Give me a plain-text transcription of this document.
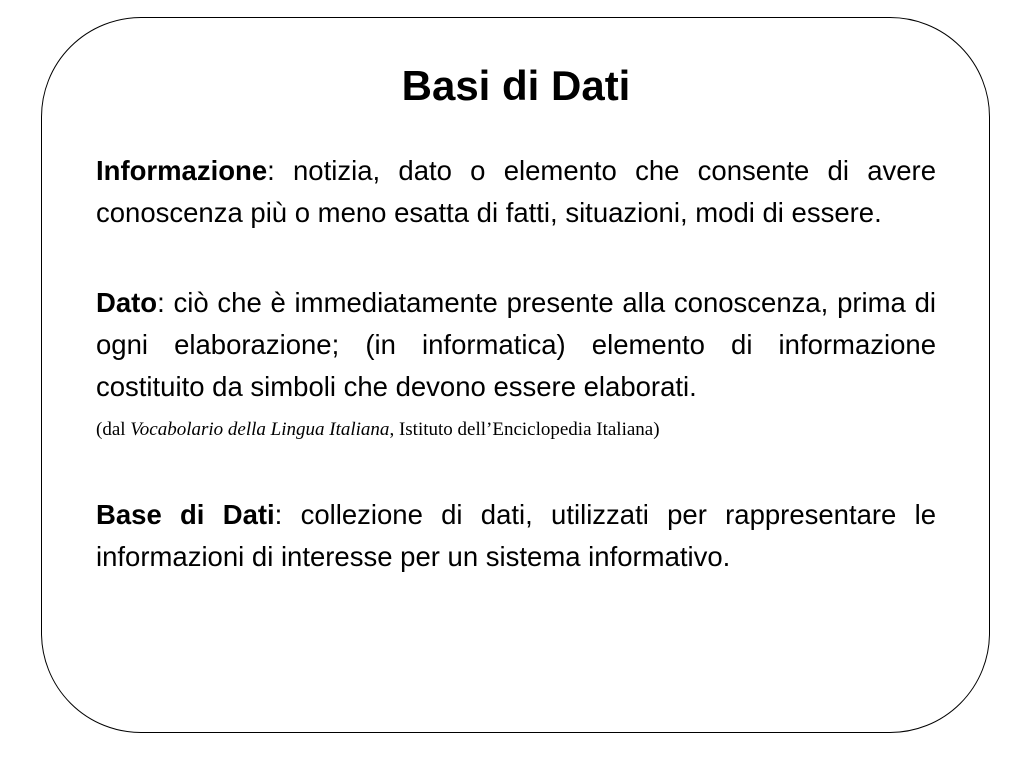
Basi di Dati

Informazione: notizia, dato o elemento che consente di avere conoscenza più o meno esatta di fatti, situazioni, modi di essere.

Dato: ciò che è immediatamente presente alla conoscenza, prima di ogni elaborazione; (in informatica) elemento di informazione costituito da simboli che devono essere elaborati.

(dal Vocabolario della Lingua Italiana, Istituto dell’Enciclopedia Italiana)

Base di Dati: collezione di dati, utilizzati per rappresentare le informazioni di interesse per un sistema informativo.
